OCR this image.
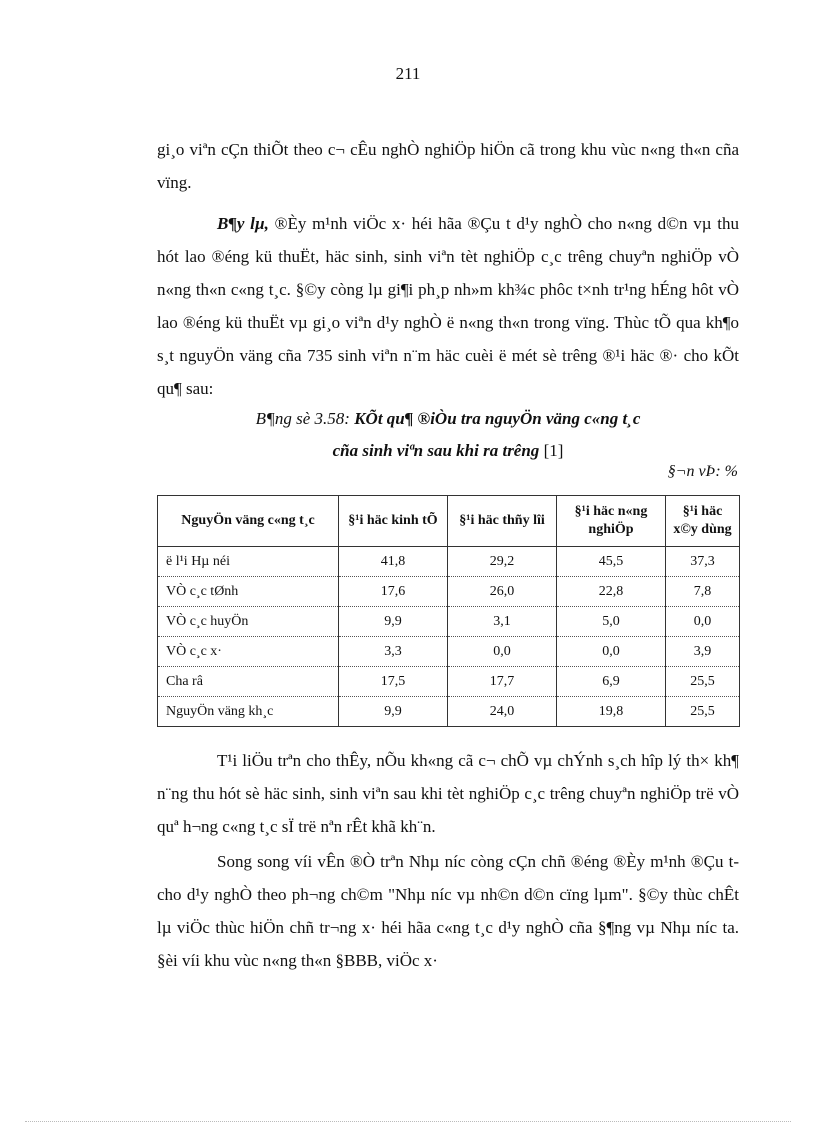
211

gi¸o viªn cÇn thiÕt theo c¬ cÊu nghÒ nghiÖp hiÖn cã trong khu vùc n«ng th«n cña vïng.

B¶y lµ, ®Èy m¹nh viÖc x· héi hãa ®Çu t d¹y nghÒ cho n«ng d©n vµ thu hót lao ®éng kü thuËt, häc sinh, sinh viªn tèt nghiÖp c¸c trêng chuyªn nghiÖp vÒ n«ng th«n c«ng t¸c. §©y còng lµ gi¶i ph¸p nh»m kh¾c phôc t×nh tr¹ng hÉng hôt vÒ lao ®éng kü thuËt vµ gi¸o viªn d¹y nghÒ ë n«ng th«n trong vïng. Thùc tÕ qua kh¶o s¸t nguyÖn väng cña 735 sinh viªn n¨m häc cuèi ë mét sè trêng ®¹i häc ®· cho kÕt qu¶ sau:

B¶ng sè 3.58: KÕt qu¶ ®iÒu tra nguyÖn väng c«ng t¸c
cña sinh viªn sau khi ra trêng [1]
§¬n vÞ: %
NguyÖn väng c«ng t¸c	§¹i häc kinh tÕ	§¹i häc thñy lîi	§¹i häc n«ng nghiÖp	§¹i häc x©y dùng
ë l¹i Hµ néi	41,8	29,2	45,5	37,3
VÒ c¸c tØnh	17,6	26,0	22,8	7,8
VÒ c¸c huyÖn	9,9	3,1	5,0	0,0
VÒ c¸c x·	3,3	0,0	0,0	3,9
Cha râ	17,5	17,7	6,9	25,5
NguyÖn väng kh¸c	9,9	24,0	19,8	25,5

T¹i liÖu trªn cho thÊy, nÕu kh«ng cã c¬ chÕ vµ chÝnh s¸ch hîp lý th× kh¶ n¨ng thu hót sè häc sinh, sinh viªn sau khi tèt nghiÖp c¸c trêng chuyªn nghiÖp trë vÒ quª h¬ng c«ng t¸c sÏ trë nªn rÊt khã kh¨n.

Song song víi vÊn ®Ò trªn Nhµ níc còng cÇn chñ ®éng ®Èy m¹nh ®Çu t cho d¹y nghÒ theo ph¬ng ch©m "Nhµ níc vµ nh©n d©n cïng lµm". §©y thùc chÊt lµ viÖc thùc hiÖn chñ tr¬ng x· héi hãa c«ng t¸c d¹y nghÒ cña §¶ng vµ Nhµ níc ta. §èi víi khu vùc n«ng th«n §BBB, viÖc x·
